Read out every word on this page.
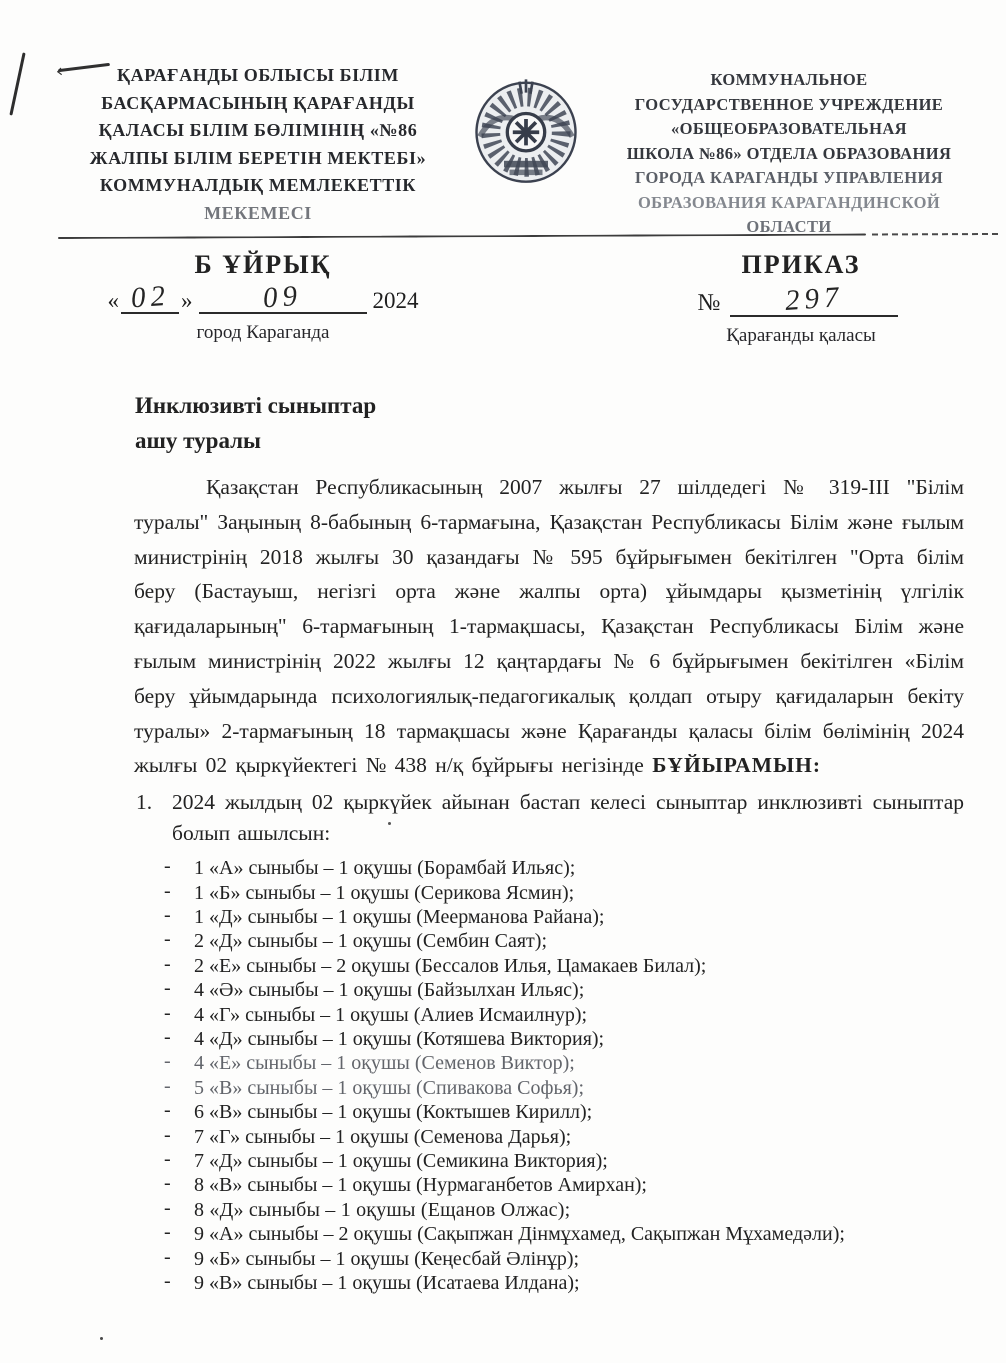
ҚАРАҒАНДЫ ОБЛЫСЫ БІЛІМ
БАСҚАРМАСЫНЫҢ ҚАРАҒАНДЫ
ҚАЛАСЫ БІЛІМ БӨЛІМІНІҢ «№86
ЖАЛПЫ БІЛІМ БЕРЕТІН МЕКТЕБІ»
КОММУНАЛДЫҚ МЕМЛЕКЕТТІК
МЕКЕМЕСІ
КОММУНАЛЬНОЕ
ГОСУДАРСТВЕННОЕ УЧРЕЖДЕНИЕ
«ОБЩЕОБРАЗОВАТЕЛЬНАЯ
ШКОЛА №86» ОТДЕЛА ОБРАЗОВАНИЯ
ГОРОДА КАРАГАНДЫ УПРАВЛЕНИЯ
ОБРАЗОВАНИЯ КАРАГАНДИНСКОЙ
ОБЛАСТИ
Б ҰЙРЫҚ
« 02 »	09	2024
город Караганда
ПРИКАЗ
№	297
Қарағанды қаласы
Инклюзивті сыныптар
ашу туралы

Қазақстан Республикасының 2007 жылғы 27 шілдедегі № 319-III "Білім туралы" Заңының 8-бабының 6-тармағына, Қазақстан Республикасы Білім және ғылым министрінің 2018 жылғы 30 қазандағы № 595 бұйрығымен бекітілген "Орта білім беру (Бастауыш, негізгі орта және жалпы орта) ұйымдары қызметінің үлгілік қағидаларының" 6-тармағының 1-тармақшасы, Қазақстан Республикасы Білім және ғылым министрінің 2022 жылғы 12 қаңтардағы № 6 бұйрығымен бекітілген «Білім беру ұйымдарында психологиялық-педагогикалық қолдап отыру қағидаларын бекіту туралы» 2-тармағының 18 тармақшасы және Қарағанды қаласы білім бөлімінің 2024 жылғы 02 қыркүйектегі № 438 н/қ бұйрығы негізінде БҰЙЫРАМЫН:

1. 2024 жылдың 02 қыркүйек айынан бастап келесі сыныптар инклюзивті сыныптар болып ашылсын:
- 1 «А» сыныбы – 1 оқушы (Борамбай Ильяс);
- 1 «Б» сыныбы – 1 оқушы (Серикова Ясмин);
- 1 «Д» сыныбы – 1 оқушы (Меерманова Райана);
- 2 «Д» сыныбы – 1 оқушы (Сембин Саят);
- 2 «Е» сыныбы – 2 оқушы (Бессалов Илья, Цамакаев Билал);
- 4 «Ә» сыныбы – 1 оқушы (Байзылхан Ильяс);
- 4 «Г» сыныбы – 1 оқушы (Алиев Исмаилнур);
- 4 «Д» сыныбы – 1 оқушы (Котяшева Виктория);
- 4 «Е» сыныбы – 1 оқушы (Семенов Виктор);
- 5 «В» сыныбы – 1 оқушы (Спивакова Софья);
- 6 «В» сыныбы – 1 оқушы (Коктышев Кирилл);
- 7 «Г» сыныбы – 1 оқушы (Семенова Дарья);
- 7 «Д» сыныбы – 1 оқушы (Семикина Виктория);
- 8 «В» сыныбы – 1 оқушы (Нурмаганбетов Амирхан);
- 8 «Д» сыныбы – 1 оқушы (Ещанов Олжас);
- 9 «А» сыныбы – 2 оқушы (Сақыпжан Дінмұхамед, Сақыпжан Мұхамедәли);
- 9 «Б» сыныбы – 1 оқушы (Кеңесбай Әлінұр);
- 9 «В» сыныбы – 1 оқушы (Исатаева Илдана);
